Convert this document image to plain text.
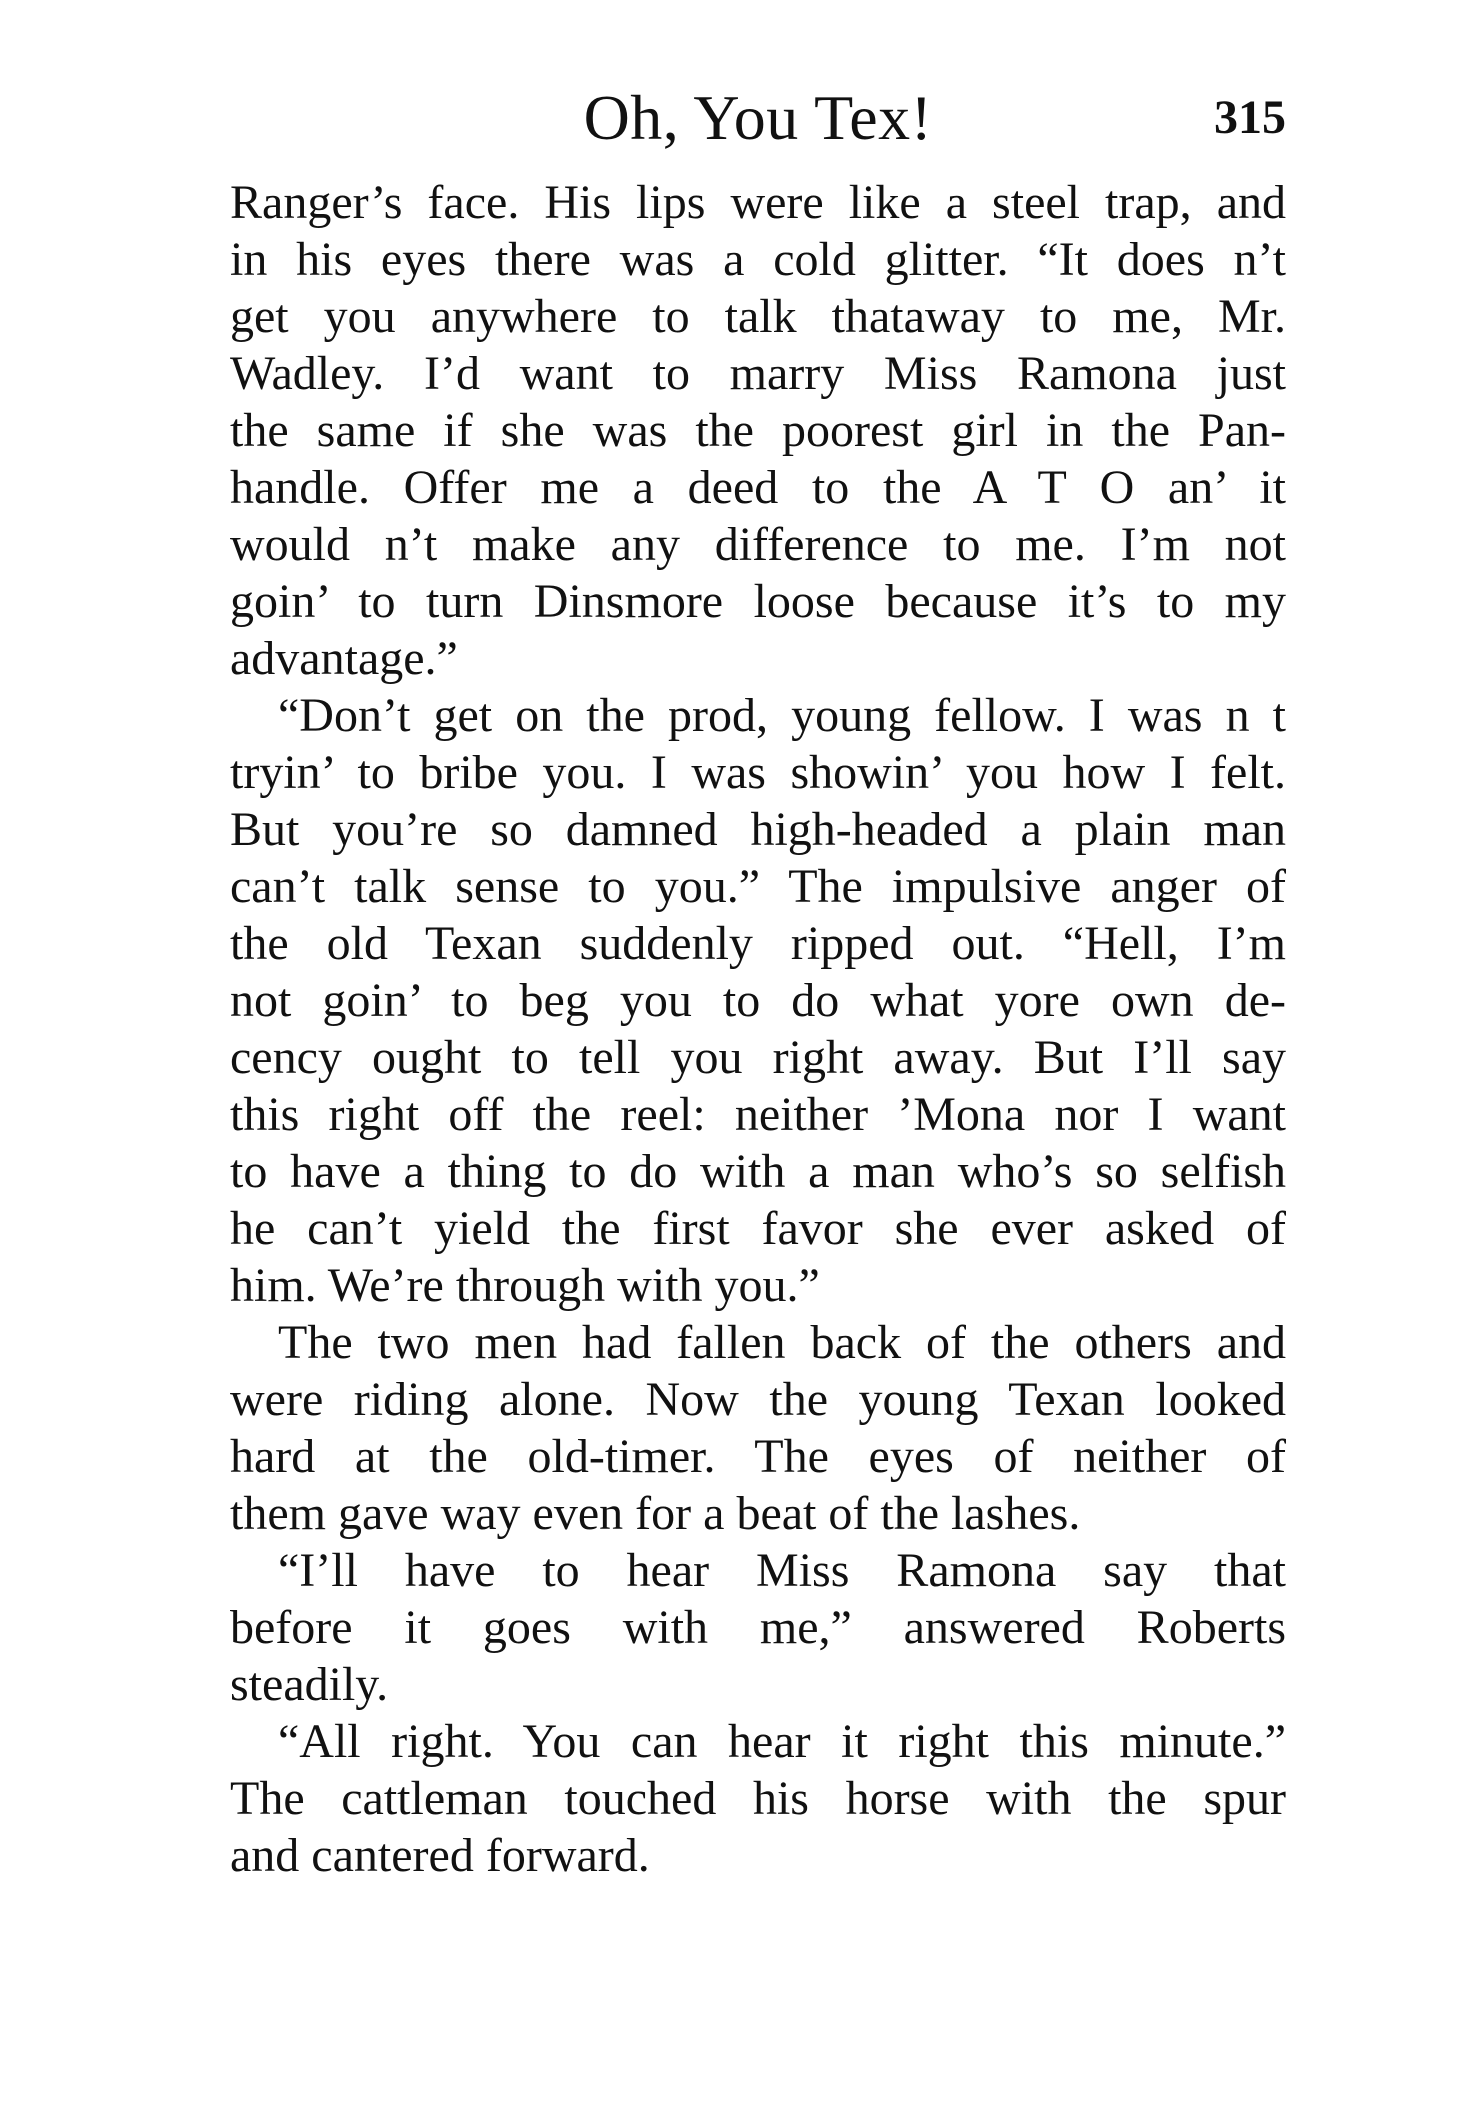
Oh, You Tex!	315
Ranger’s face. His lips were like a steel trap, and
in his eyes there was a cold glitter. “It does n’t
get you anywhere to talk thataway to me, Mr.
Wadley. I’d want to marry Miss Ramona just
the same if she was the poorest girl in the Pan-
handle. Offer me a deed to the A T O an’ it
would n’t make any difference to me. I’m not
goin’ to turn Dinsmore loose because it’s to my
advantage.”
“Don’t get on the prod, young fellow. I was n t
tryin’ to bribe you. I was showin’ you how I felt.
But you’re so damned high-headed a plain man
can’t talk sense to you.” The impulsive anger of
the old Texan suddenly ripped out. “Hell, I’m
not goin’ to beg you to do what yore own de-
cency ought to tell you right away. But I’ll say
this right off the reel: neither ’Mona nor I want
to have a thing to do with a man who’s so selfish
he can’t yield the first favor she ever asked of
him. We’re through with you.”
The two men had fallen back of the others and
were riding alone. Now the young Texan looked
hard at the old-timer. The eyes of neither of
them gave way even for a beat of the lashes.
“I’ll have to hear Miss Ramona say that
before it goes with me,” answered Roberts
steadily.
“All right. You can hear it right this minute.”
The cattleman touched his horse with the spur
and cantered forward.
